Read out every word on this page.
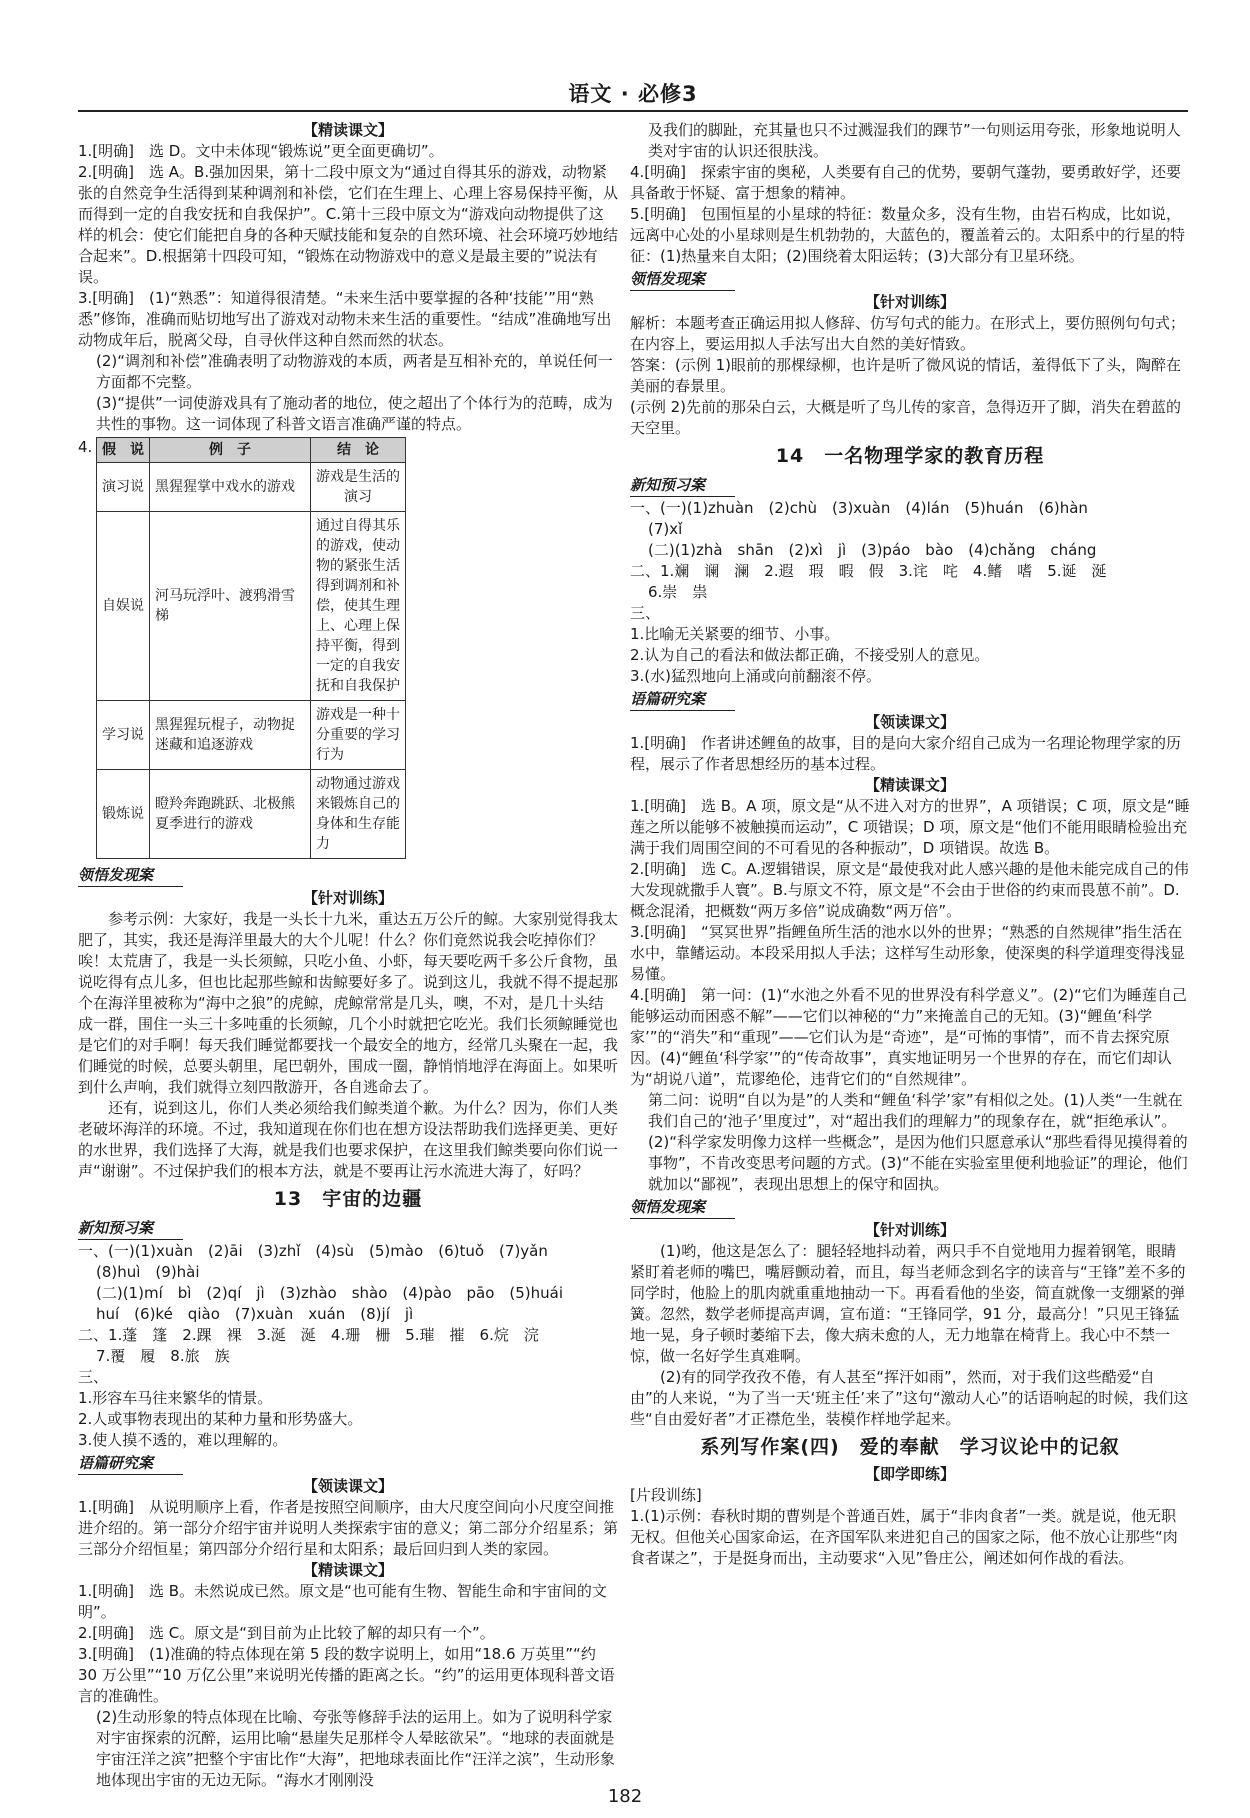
语文 · 必修3

【精读课文】

1.[明确]　选 D。文中未体现“锻炼说”更全面更确切”。

2.[明确]　选 A。B.强加因果，第十二段中原文为“通过自得其乐的游戏，动物紧张的自然竞争生活得到某种调剂和补偿，它们在生理上、心理上容易保持平衡，从而得到一定的自我安抚和自我保护”。C.第十三段中原文为“游戏向动物提供了这样的机会：使它们能把自身的各种天赋技能和复杂的自然环境、社会环境巧妙地结合起来”。D.根据第十四段可知，“锻炼在动物游戏中的意义是最主要的”说法有误。

3.[明确]　(1)“熟悉”：知道得很清楚。“未来生活中要掌握的各种‘技能’”用“熟悉”修饰，准确而贴切地写出了游戏对动物未来生活的重要性。“结成”准确地写出动物成年后，脱离父母，自寻伙伴这种自然而然的状态。

(2)“调剂和补偿”准确表明了动物游戏的本质，两者是互相补充的，单说任何一方面都不完整。

(3)“提供”一词使游戏具有了施动者的地位，使之超出了个体行为的范畴，成为共性的事物。这一词体现了科普文语言准确严谨的特点。

4. 假　说	例　子	结　论
演习说	黑猩猩掌中戏水的游戏	游戏是生活的演习
自娱说	河马玩浮叶、渡鸦滑雪梯	通过自得其乐的游戏，使动物的紧张生活得到调剂和补偿，使其生理上、心理上保持平衡，得到一定的自我安抚和自我保护
学习说	黑猩猩玩棍子，动物捉迷藏和追逐游戏	游戏是一种十分重要的学习行为
锻炼说	瞪羚奔跑跳跃、北极熊夏季进行的游戏	动物通过游戏来锻炼自己的身体和生存能力
领悟发现案

【针对训练】

参考示例：大家好，我是一头长十九米，重达五万公斤的鲸。大家别觉得我太肥了，其实，我还是海洋里最大的大个儿呢！什么？你们竟然说我会吃掉你们？唉！太荒唐了，我是一头长须鲸，只吃小鱼、小虾，每天要吃两千多公斤食物，虽说吃得有点儿多，但也比起那些鲸和齿鲸要好多了。说到这儿，我就不得不提起那个在海洋里被称为“海中之狼”的虎鲸，虎鲸常常是几头，噢，不对，是几十头结成一群，围住一头三十多吨重的长须鲸，几个小时就把它吃光。我们长须鲸睡觉也是它们的对手啊！每天我们睡觉都要找一个最安全的地方，经常几头聚在一起，我们睡觉的时候，总要头朝里，尾巴朝外，围成一圈，静悄悄地浮在海面上。如果听到什么声响，我们就得立刻四散游开，各自逃命去了。

还有，说到这儿，你们人类必须给我们鲸类道个歉。为什么？因为，你们人类老破坏海洋的环境。不过，我知道现在你们也在想方设法帮助我们选择更美、更好的水世界，我们选择了大海，就是我们也要求保护，在这里我们鲸类要向你们说一声“谢谢”。不过保护我们的根本方法，就是不要再让污水流进大海了，好吗？

13　宇宙的边疆

新知预习案

一、(一)(1)xuàn　(2)āi　(3)zhǐ　(4)sù　(5)mào　(6)tuǒ　(7)yǎn

(8)huì　(9)hài

(二)(1)mí　bì　(2)qí　jì　(3)zhào　shào　(4)pào　pāo　(5)huái

huí　(6)ké　qiào　(7)xuàn　xuán　(8)jí　jì

二、1.蓬　篷　2.踝　裸　3.涎　涎　4.珊　栅　5.璀　摧　6.烷　浣

7.覆　履　8.旅　族

三、

1.形容车马往来繁华的情景。

2.人或事物表现出的某种力量和形势盛大。

3.使人摸不透的，难以理解的。

语篇研究案

【领读课文】

1.[明确]　从说明顺序上看，作者是按照空间顺序，由大尺度空间向小尺度空间推进介绍的。第一部分介绍宇宙并说明人类探索宇宙的意义；第二部分介绍星系；第三部分介绍恒星；第四部分介绍行星和太阳系；最后回归到人类的家园。

【精读课文】

1.[明确]　选 B。未然说成已然。原文是“也可能有生物、智能生命和宇宙间的文明”。

2.[明确]　选 C。原文是“到目前为止比较了解的却只有一个”。

3.[明确]　(1)准确的特点体现在第 5 段的数字说明上，如用“18.6 万英里”“约 30 万公里”“10 万亿公里”来说明光传播的距离之长。“约”的运用更体现科普文语言的准确性。

(2)生动形象的特点体现在比喻、夸张等修辞手法的运用上。如为了说明科学家对宇宙探索的沉醉，运用比喻“悬崖失足那样令人晕眩欲呆”。“地球的表面就是宇宙汪洋之滨”把整个宇宙比作“大海”，把地球表面比作“汪洋之滨”，生动形象地体现出宇宙的无边无际。“海水才刚刚没

及我们的脚趾，充其量也只不过溅湿我们的踝节”一句则运用夸张，形象地说明人类对宇宙的认识还很肤浅。

4.[明确]　探索宇宙的奥秘，人类要有自己的优势，要朝气蓬勃，要勇敢好学，还要具备敢于怀疑、富于想象的精神。

5.[明确]　包围恒星的小星球的特征：数量众多，没有生物，由岩石构成，比如说，远离中心处的小星球则是生机勃勃的，大蓝色的，覆盖着云的。太阳系中的行星的特征：(1)热量来自太阳；(2)围绕着太阳运转；(3)大部分有卫星环绕。

领悟发现案

【针对训练】

解析：本题考查正确运用拟人修辞、仿写句式的能力。在形式上，要仿照例句句式；在内容上，要运用拟人手法写出大自然的美好情致。

答案：(示例 1)眼前的那棵绿柳，也许是听了微风说的情话，羞得低下了头，陶醉在美丽的春景里。

(示例 2)先前的那朵白云，大概是听了鸟儿传的家音，急得迈开了脚，消失在碧蓝的天空里。

14　一名物理学家的教育历程

新知预习案

一、(一)(1)zhuàn　(2)chù　(3)xuàn　(4)lán　(5)huán　(6)hàn

(7)xǐ

(二)(1)zhà　shān　(2)xì　jì　(3)páo　bào　(4)chǎng　cháng

二、1.斓　谰　澜　2.遐　瑕　暇　假　3.诧　咤　4.鳍　嗜　5.诞　涎

6.崇　祟

三、

1.比喻无关紧要的细节、小事。

2.认为自己的看法和做法都正确，不接受别人的意见。

3.(水)猛烈地向上涌或向前翻滚不停。

语篇研究案

【领读课文】

1.[明确]　作者讲述鲤鱼的故事，目的是向大家介绍自己成为一名理论物理学家的历程，展示了作者思想经历的基本过程。

【精读课文】

1.[明确]　选 B。A 项，原文是“从不进入对方的世界”，A 项错误；C 项，原文是“睡莲之所以能够不被触摸而运动”，C 项错误；D 项，原文是“他们不能用眼睛检验出充满于我们周围空间的不可看见的各种振动”，D 项错误。故选 B。

2.[明确]　选 C。A.逻辑错误，原文是“最使我对此人感兴趣的是他未能完成自己的伟大发现就撒手人寰”。B.与原文不符，原文是“不会由于世俗的约束而畏葸不前”。D.概念混淆，把概数“两万多倍”说成确数“两万倍”。

3.[明确]　“冥冥世界”指鲤鱼所生活的池水以外的世界；“熟悉的自然规律”指生活在水中，靠鳍运动。本段采用拟人手法；这样写生动形象，使深奥的科学道理变得浅显易懂。

4.[明确]　第一问：(1)“水池之外看不见的世界没有科学意义”。(2)“它们为睡莲自己能够运动而困惑不解”——它们以神秘的“力”来掩盖自己的无知。(3)“鲤鱼‘科学家’”的“消失”和“重现”——它们认为是“奇迹”，是“可怖的事情”，而不肯去探究原因。(4)“鲤鱼‘科学家’”的“传奇故事”，真实地证明另一个世界的存在，而它们却认为“胡说八道”，荒谬绝伦，违背它们的“自然规律”。

第二问：说明“自以为是”的人类和“鲤鱼‘科学’家”有相似之处。(1)人类“一生就在我们自己的‘池子’里度过”，对“超出我们的理解力”的现象存在，就“拒绝承认”。(2)“科学家发明像力这样一些概念”，是因为他们只愿意承认“那些看得见摸得着的事物”，不肯改变思考问题的方式。(3)“不能在实验室里便利地验证”的理论，他们就加以“鄙视”，表现出思想上的保守和固执。

领悟发现案

【针对训练】

(1)哟，他这是怎么了：腿轻轻地抖动着，两只手不自觉地用力握着钢笔，眼睛紧盯着老师的嘴巴，嘴唇颤动着，而且，每当老师念到名字的读音与“王锋”差不多的同学时，他脸上的肌肉就重重地抽动一下。再看看他的坐姿，简直就像一支绷紧的弹簧。忽然，数学老师提高声调，宣布道：“王锋同学，91 分，最高分！”只见王锋猛地一晃，身子顿时萎缩下去，像大病未愈的人，无力地靠在椅背上。我心中不禁一惊，做一名好学生真难啊。

(2)有的同学孜孜不倦，有人甚至“挥汗如雨”，然而，对于我们这些酷爱“自由”的人来说，“为了当一天‘班主任’来了”这句“激动人心”的话语响起的时候，我们这些“自由爱好者”才正襟危坐，装模作样地学起来。

系列写作案(四)　爱的奉献　学习议论中的记叙

【即学即练】

[片段训练]

1.(1)示例：春秋时期的曹刿是个普通百姓，属于“非肉食者”一类。就是说，他无职无权。但他关心国家命运，在齐国军队来进犯自己的国家之际，他不放心让那些“肉食者谋之”，于是挺身而出，主动要求“入见”鲁庄公，阐述如何作战的看法。

182
